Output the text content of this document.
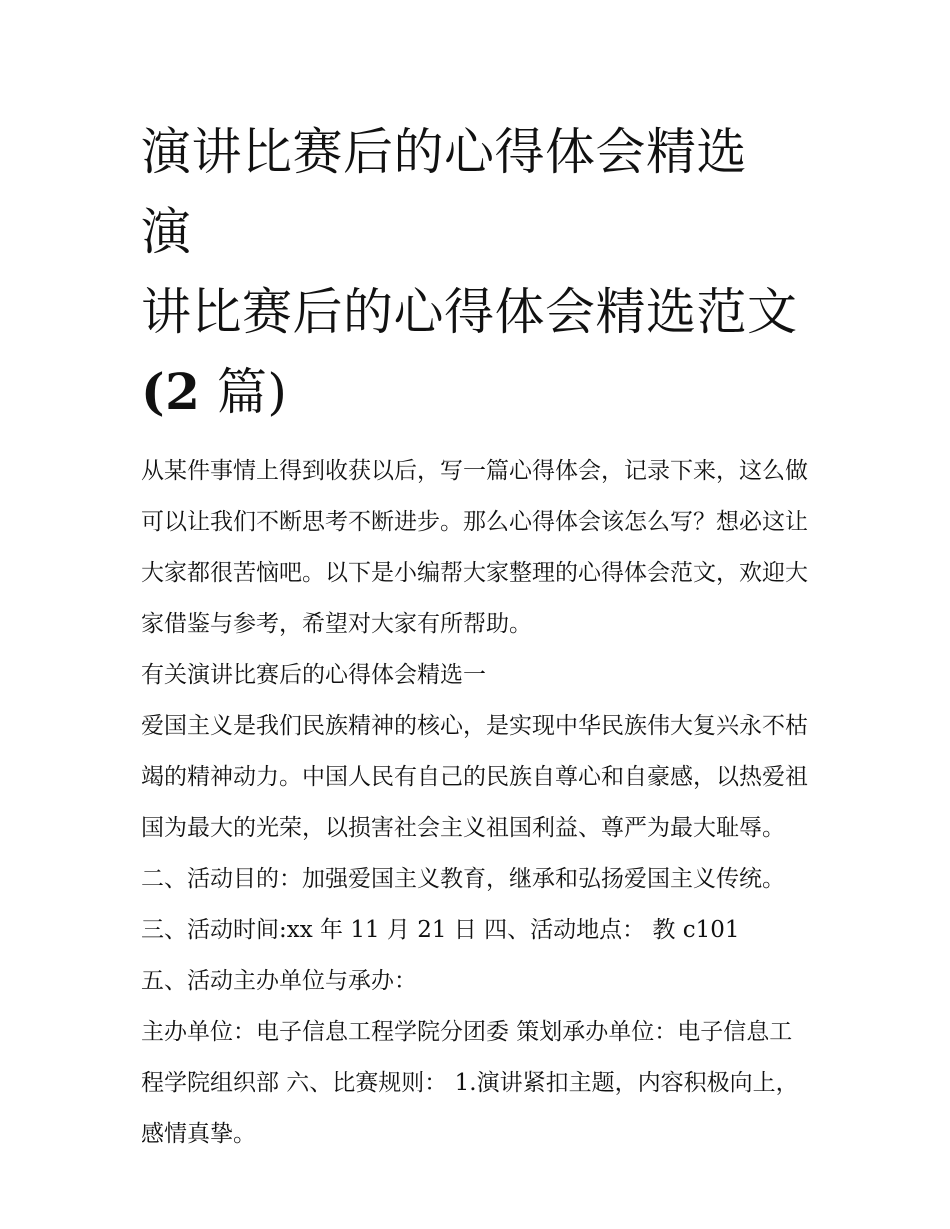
演讲比赛后的心得体会精选 演
讲比赛后的心得体会精选范文
(2 篇)

从某件事情上得到收获以后，写一篇心得体会，记录下来，这么做可以让我们不断思考不断进步。那么心得体会该怎么写？想必这让大家都很苦恼吧。以下是小编帮大家整理的心得体会范文，欢迎大家借鉴与参考，希望对大家有所帮助。

有关演讲比赛后的心得体会精选一

爱国主义是我们民族精神的核心，是实现中华民族伟大复兴永不枯竭的精神动力。中国人民有自己的民族自尊心和自豪感，以热爱祖国为最大的光荣，以损害社会主义祖国利益、尊严为最大耻辱。

二、活动目的：加强爱国主义教育，继承和弘扬爱国主义传统。 三、活动时间:xx 年 11 月 21 日 四、活动地点： 教 c101

五、活动主办单位与承办：

主办单位：电子信息工程学院分团委 策划承办单位：电子信息工程学院组织部 六、比赛规则： 1.演讲紧扣主题，内容积极向上，感情真挚。
